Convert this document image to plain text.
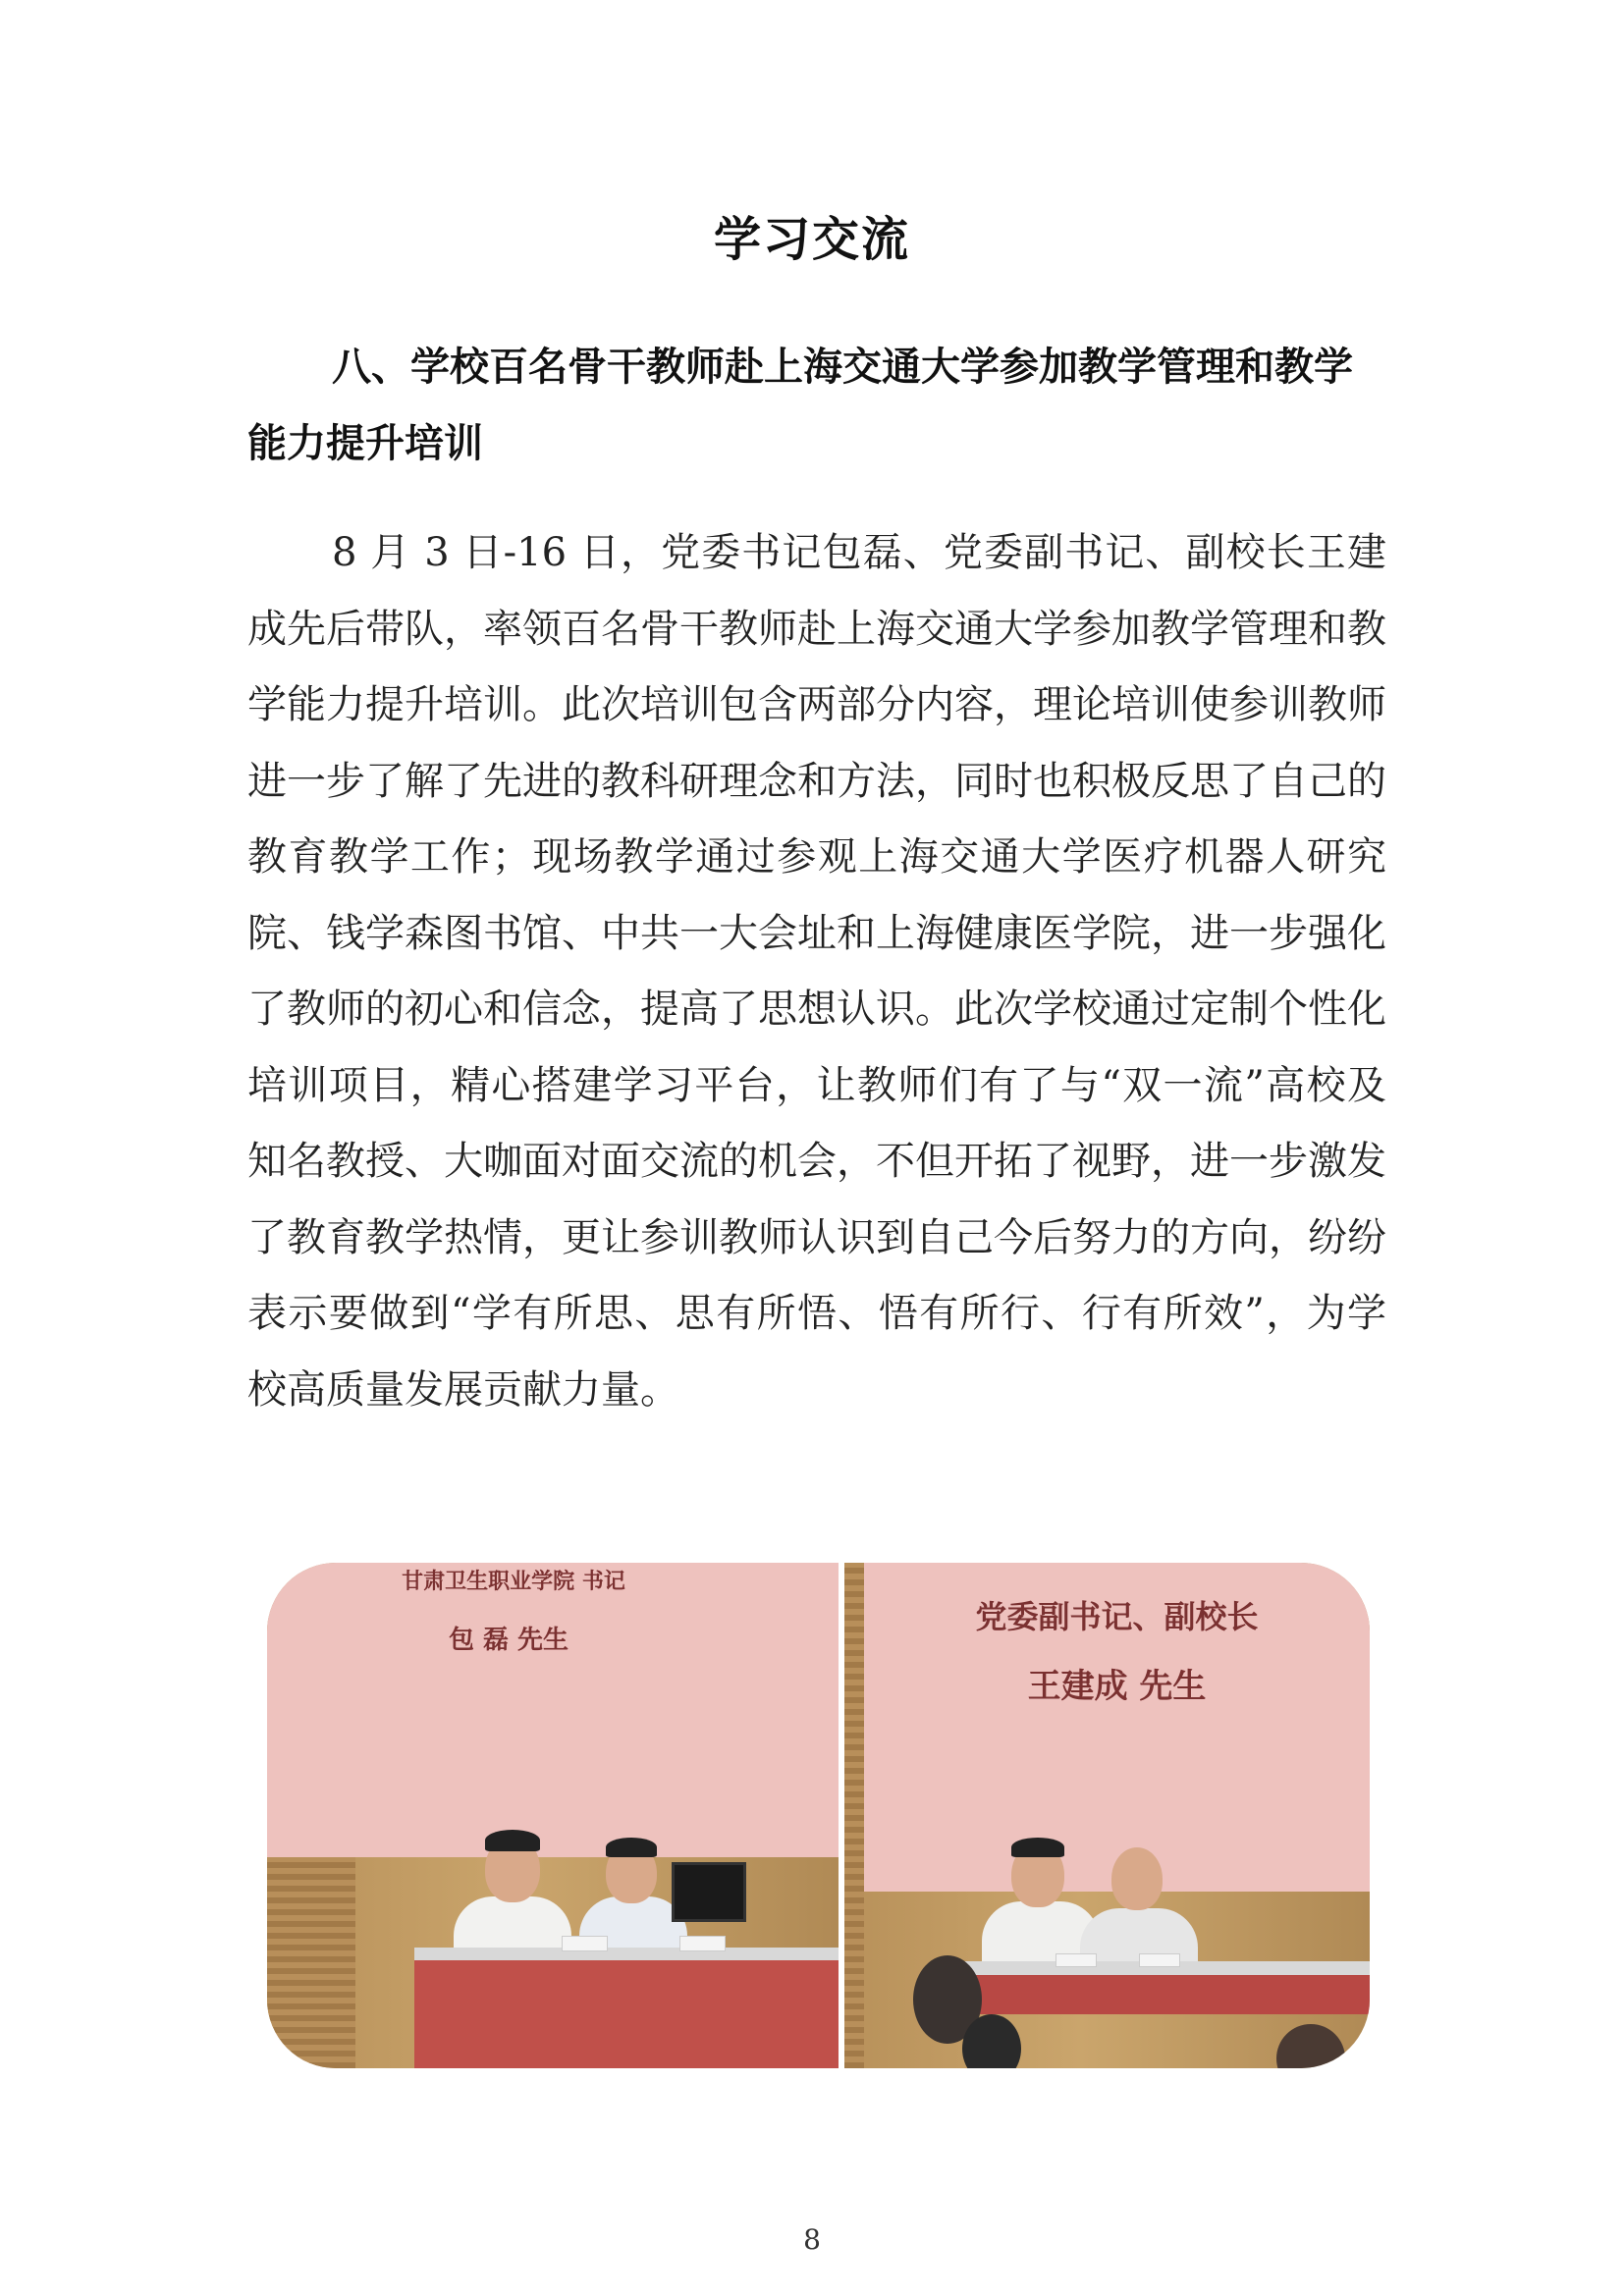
学习交流
八、学校百名骨干教师赴上海交通大学参加教学管理和教学能力提升培训
8 月 3 日-16 日，党委书记包磊、党委副书记、副校长王建成先后带队，率领百名骨干教师赴上海交通大学参加教学管理和教学能力提升培训。此次培训包含两部分内容，理论培训使参训教师进一步了解了先进的教科研理念和方法，同时也积极反思了自己的教育教学工作；现场教学通过参观上海交通大学医疗机器人研究院、钱学森图书馆、中共一大会址和上海健康医学院，进一步强化了教师的初心和信念，提高了思想认识。此次学校通过定制个性化培训项目，精心搭建学习平台，让教师们有了与“双一流”高校及知名教授、大咖面对面交流的机会，不但开拓了视野，进一步激发了教育教学热情，更让参训教师认识到自己今后努力的方向，纷纷表示要做到“学有所思、思有所悟、悟有所行、行有所效”，为学校高质量发展贡献力量。
甘肃卫生职业学院 书记
包 磊 先生
党委副书记、副校长
王建成 先生
8
